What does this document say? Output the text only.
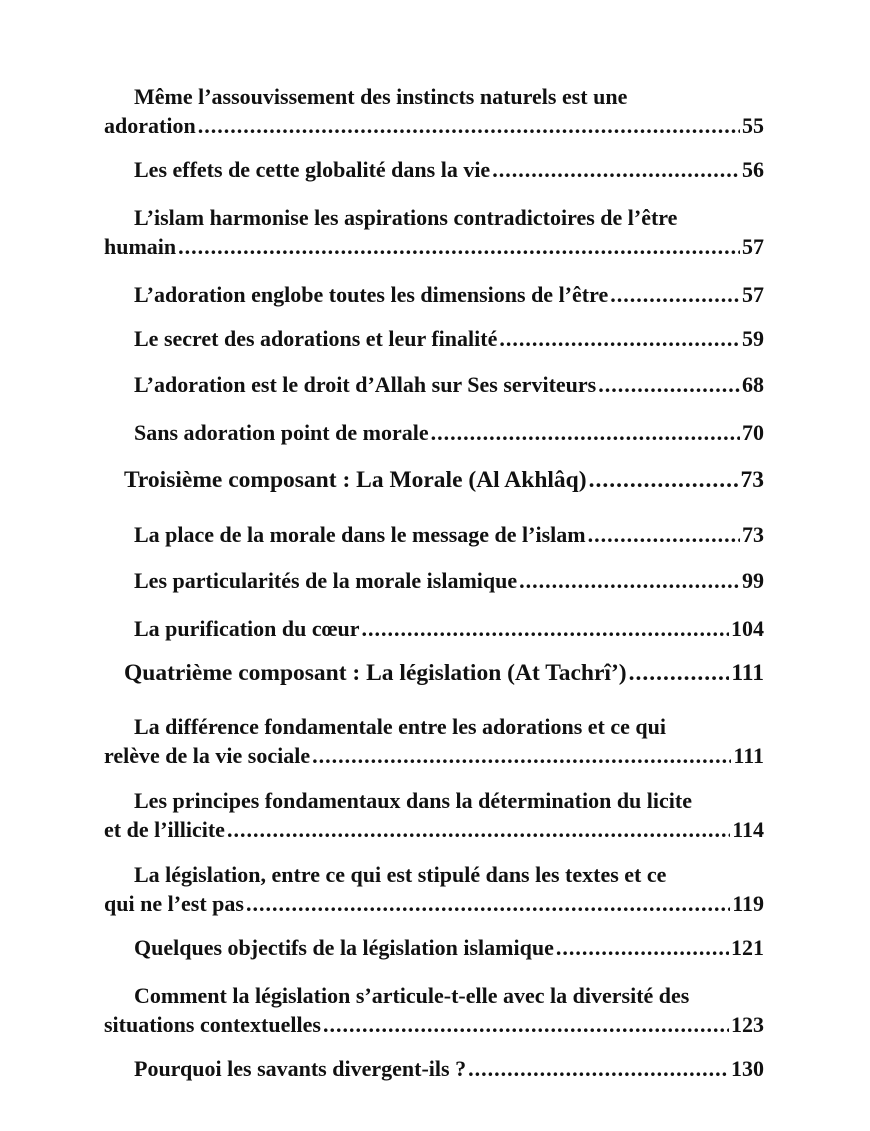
Même l’assouvissement des instincts naturels est une
adoration .....	55
Les effets de cette globalité dans la vie .....	56
L’islam harmonise les aspirations contradictoires de l’être
humain .....	57
L’adoration englobe toutes les dimensions de l’être .....	57
Le secret des adorations et leur finalité .....	59
L’adoration est le droit d’Allah sur Ses serviteurs .....	68
Sans adoration point de morale .....	70
Troisième composant : La Morale (Al Akhlâq) .....	73
La place de la morale dans le message de l’islam .....	73
Les particularités de la morale islamique .....	99
La purification du cœur .....	104
Quatrième composant : La législation (At Tachrî’) .....	111
La différence fondamentale entre les adorations et ce qui
relève de la vie sociale .....	111
Les principes fondamentaux dans la détermination du licite
et de l’illicite .....	114
La législation, entre ce qui est stipulé dans les textes et ce
qui ne l’est pas .....	119
Quelques objectifs de la législation islamique .....	121
Comment la législation s’articule-t-elle avec la diversité des
situations contextuelles .....	123
Pourquoi les savants divergent-ils ? .....	130
